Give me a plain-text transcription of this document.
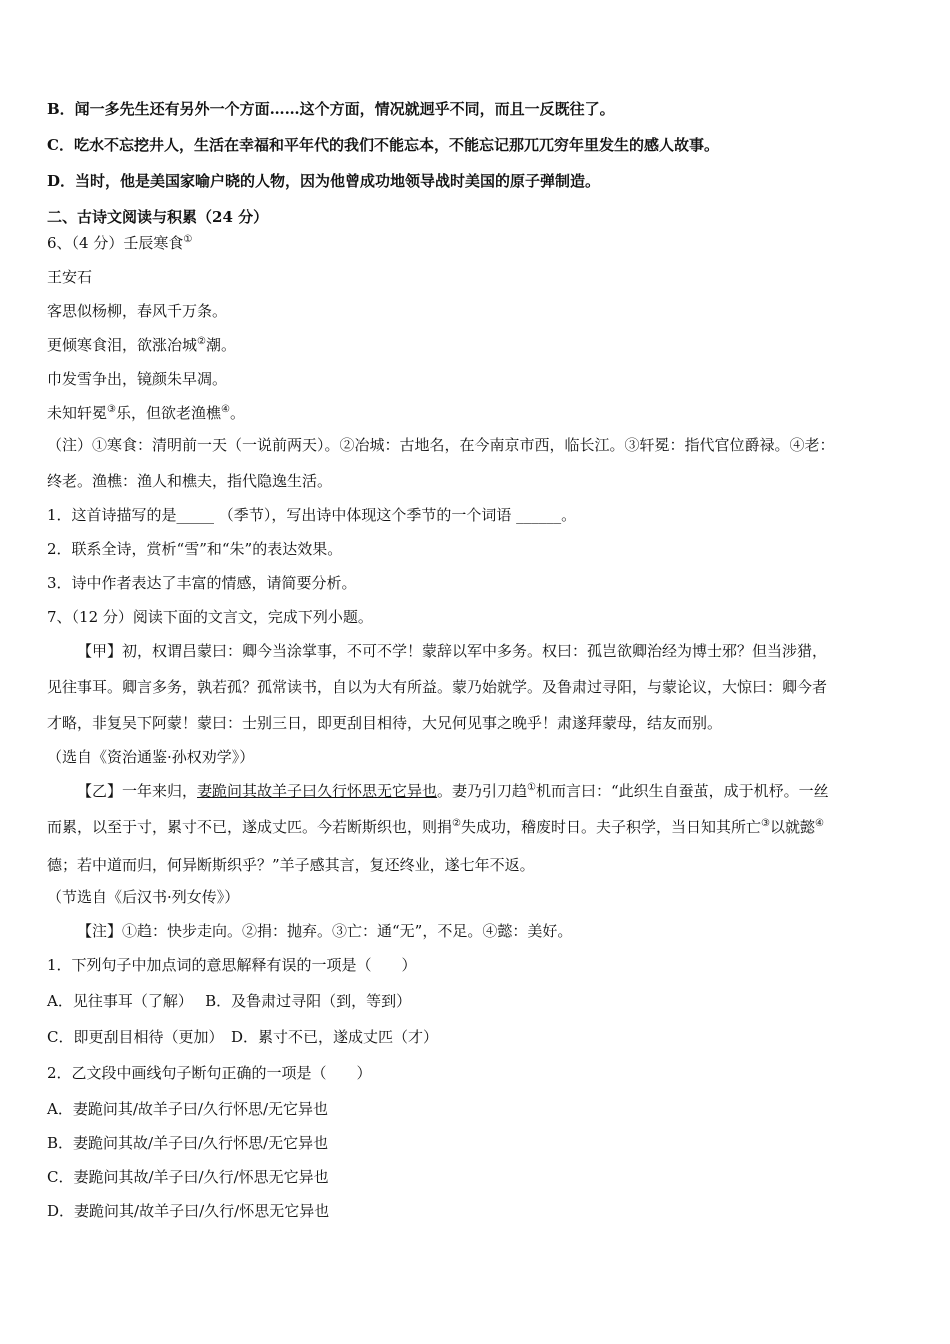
B．闻一多先生还有另外一个方面……这个方面，情况就迥乎不同，而且一反既往了。
C．吃水不忘挖井人，生活在幸福和平年代的我们不能忘本，不能忘记那兀兀穷年里发生的感人故事。
D．当时，他是美国家喻户晓的人物，因为他曾成功地领导战时美国的原子弹制造。
二、古诗文阅读与积累（24 分）
6、（4 分）壬辰寒食①
王安石
客思似杨柳，春风千万条。
更倾寒食泪，欲涨冶城②潮。
巾发雪争出，镜颜朱早凋。
未知轩冕③乐，但欲老渔樵④。
（注）①寒食：清明前一天（一说前两天）。②冶城：古地名，在今南京市西，临长江。③轩冕：指代官位爵禄。④老：
终老。渔樵：渔人和樵夫，指代隐逸生活。
1．这首诗描写的是_____ （季节），写出诗中体现这个季节的一个词语 ______。
2．联系全诗，赏析“雪”和“朱”的表达效果。
3．诗中作者表达了丰富的情感，请简要分析。
7、（12 分）阅读下面的文言文，完成下列小题。
【甲】初，权谓吕蒙曰：卿今当涂掌事，不可不学！蒙辞以军中多务。权曰：孤岂欲卿治经为博士邪？但当涉猎，
见往事耳。卿言多务，孰若孤？孤常读书，自以为大有所益。蒙乃始就学。及鲁肃过寻阳，与蒙论议，大惊曰：卿今者
才略，非复吴下阿蒙！蒙曰：士别三日，即更刮目相待，大兄何见事之晚乎！肃遂拜蒙母，结友而别。
（选自《资治通鉴·孙权劝学》）
【乙】一年来归，妻跪问其故羊子曰久行怀思无它异也。妻乃引刀趋①机而言曰：“此织生自蚕茧，成于机杼。一丝
而累，以至于寸，累寸不已，遂成丈匹。今若断斯织也，则捐②失成功，稽废时日。夫子积学，当日知其所亡③以就懿④
德；若中道而归，何异断斯织乎？”羊子感其言，复还终业，遂七年不返。
（节选自《后汉书·列女传》）
【注】①趋：快步走向。②捐：抛弃。③亡：通“无”，不足。④懿：美好。
1．下列句子中加点词的意思解释有误的一项是（　　）
A．见往事耳（了解）　 B．及鲁肃过寻阳（到，等到）
C．即更刮目相待（更加）　D．累寸不已，遂成丈匹（才）
2．乙文段中画线句子断句正确的一项是（　　）
A．妻跪问其/故羊子曰/久行怀思/无它异也
B．妻跪问其故/羊子曰/久行怀思/无它异也
C．妻跪问其故/羊子曰/久行/怀思无它异也
D．妻跪问其/故羊子曰/久行/怀思无它异也
